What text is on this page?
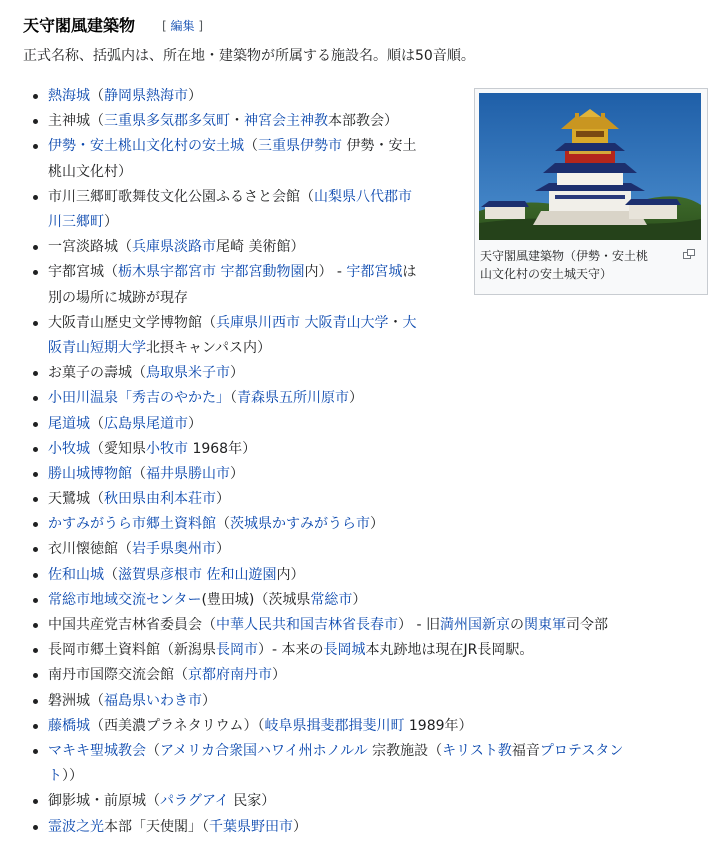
天守閣風建築物 [ 編集 ]
正式名称、括弧内は、所在地・建築物が所属する施設名。順は50音順。
熱海城（静岡県熱海市）
主神城（三重県多気郡多気町・神宮会主神教本部教会）
伊勢・安土桃山文化村の安土城（三重県伊勢市 伊勢・安土
桃山文化村）
市川三郷町歌舞伎文化公園ふるさと会館（山梨県八代郡市
川三郷町）
一宮淡路城（兵庫県淡路市尾崎 美術館）
宇都宮城（栃木県宇都宮市 宇都宮動物園内） - 宇都宮城は
別の場所に城跡が現存
大阪青山歴史文学博物館（兵庫県川西市 大阪青山大学・大
阪青山短期大学北摂キャンパス内）
お菓子の壽城（鳥取県米子市）
小田川温泉「秀吉のやかた」（青森県五所川原市）
尾道城（広島県尾道市）
小牧城（愛知県小牧市 1968年）
勝山城博物館（福井県勝山市）
天鷺城（秋田県由利本荘市）
かすみがうら市郷土資料館（茨城県かすみがうら市）
衣川懐徳館（岩手県奥州市）
佐和山城（滋賀県彦根市 佐和山遊園内）
常総市地域交流センター(豊田城)（茨城県常総市）
中国共産党吉林省委員会（中華人民共和国吉林省長春市） - 旧満州国新京の関東軍司令部
長岡市郷土資料館（新潟県長岡市）- 本来の長岡城本丸跡地は現在JR長岡駅。
南丹市国際交流会館（京都府南丹市）
磐洲城（福島県いわき市）
藤橋城（西美濃プラネタリウム）（岐阜県揖斐郡揖斐川町 1989年）
マキキ聖城教会（アメリカ合衆国ハワイ州ホノルル 宗教施設（キリスト教福音プロテスタン
ト））
御影城・前原城（パラグアイ 民家）
霊波之光本部「天使閣」（千葉県野田市）
天守閣風建築物（伊勢・安土桃
山文化村の安土城天守）
